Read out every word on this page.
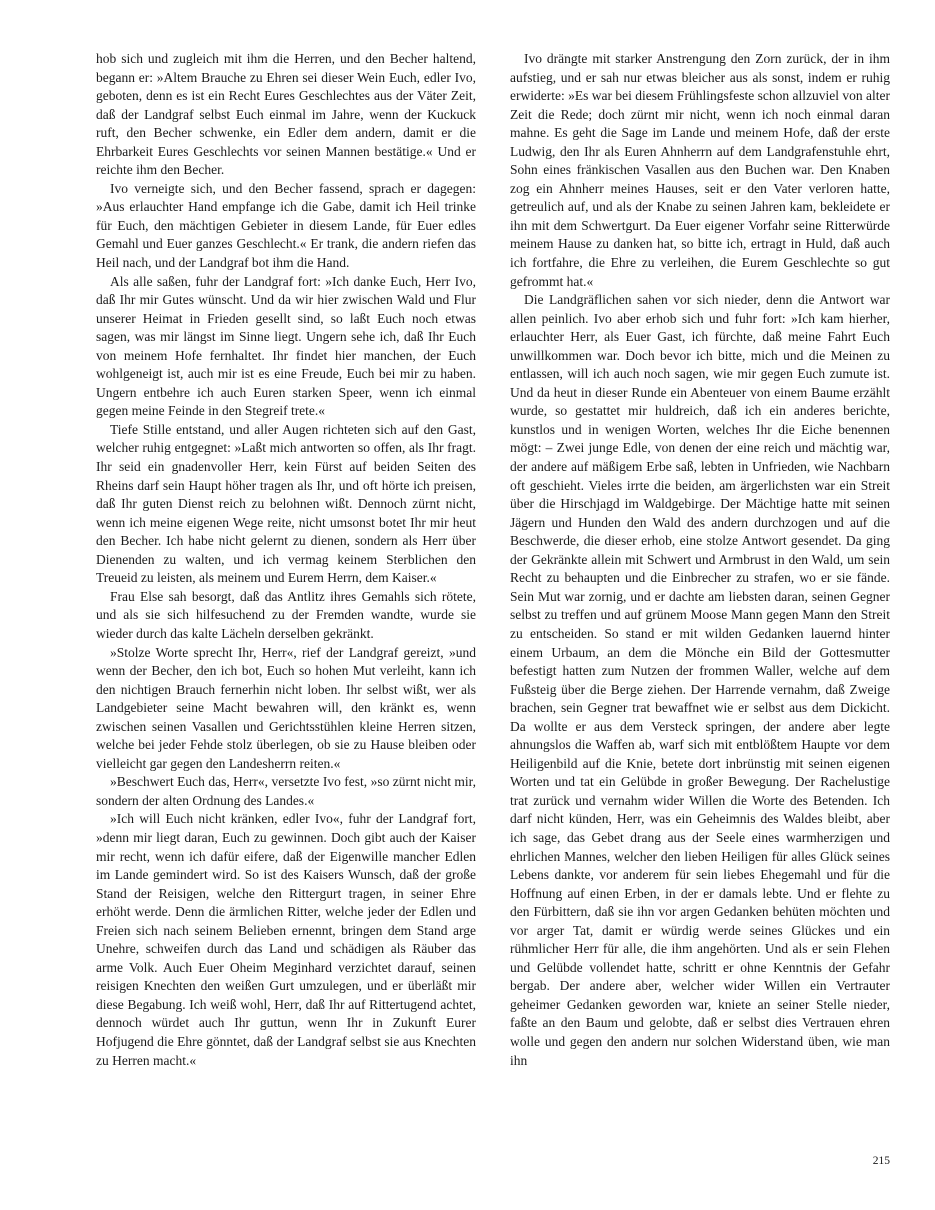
hob sich und zugleich mit ihm die Herren, und den Becher haltend, begann er: »Altem Brauche zu Ehren sei dieser Wein Euch, edler Ivo, geboten, denn es ist ein Recht Eures Geschlechtes aus der Väter Zeit, daß der Landgraf selbst Euch einmal im Jahre, wenn der Kuckuck ruft, den Becher schwenke, ein Edler dem andern, damit er die Ehrbarkeit Eures Geschlechts vor seinen Mannen bestätige.« Und er reichte ihm den Becher.

Ivo verneigte sich, und den Becher fassend, sprach er dagegen: »Aus erlauchter Hand empfange ich die Gabe, damit ich Heil trinke für Euch, den mächtigen Gebieter in diesem Lande, für Euer edles Gemahl und Euer ganzes Geschlecht.« Er trank, die andern riefen das Heil nach, und der Landgraf bot ihm die Hand.

Als alle saßen, fuhr der Landgraf fort: »Ich danke Euch, Herr Ivo, daß Ihr mir Gutes wünscht. Und da wir hier zwischen Wald und Flur unserer Heimat in Frieden gesellt sind, so laßt Euch noch etwas sagen, was mir längst im Sinne liegt. Ungern sehe ich, daß Ihr Euch von meinem Hofe fernhaltet. Ihr findet hier manchen, der Euch wohlgeneigt ist, auch mir ist es eine Freude, Euch bei mir zu haben. Ungern entbehre ich auch Euren starken Speer, wenn ich einmal gegen meine Feinde in den Stegreif trete.«

Tiefe Stille entstand, und aller Augen richteten sich auf den Gast, welcher ruhig entgegnet: »Laßt mich antworten so offen, als Ihr fragt. Ihr seid ein gnadenvoller Herr, kein Fürst auf beiden Seiten des Rheins darf sein Haupt höher tragen als Ihr, und oft hörte ich preisen, daß Ihr guten Dienst reich zu belohnen wißt. Dennoch zürnt nicht, wenn ich meine eigenen Wege reite, nicht umsonst botet Ihr mir heut den Becher. Ich habe nicht gelernt zu dienen, sondern als Herr über Dienenden zu walten, und ich vermag keinem Sterblichen den Treueid zu leisten, als meinem und Eurem Herrn, dem Kaiser.«

Frau Else sah besorgt, daß das Antlitz ihres Gemahls sich rötete, und als sie sich hilfesuchend zu der Fremden wandte, wurde sie wieder durch das kalte Lächeln derselben gekränkt.

»Stolze Worte sprecht Ihr, Herr«, rief der Landgraf gereizt, »und wenn der Becher, den ich bot, Euch so hohen Mut verleiht, kann ich den nichtigen Brauch fernerhin nicht loben. Ihr selbst wißt, wer als Landgebieter seine Macht bewahren will, den kränkt es, wenn zwischen seinen Vasallen und Gerichtsstühlen kleine Herren sitzen, welche bei jeder Fehde stolz überlegen, ob sie zu Hause bleiben oder vielleicht gar gegen den Landesherrn reiten.«

»Beschwert Euch das, Herr«, versetzte Ivo fest, »so zürnt nicht mir, sondern der alten Ordnung des Landes.«

»Ich will Euch nicht kränken, edler Ivo«, fuhr der Landgraf fort, »denn mir liegt daran, Euch zu gewinnen. Doch gibt auch der Kaiser mir recht, wenn ich dafür eifere, daß der Eigenwille mancher Edlen im Lande gemindert wird. So ist des Kaisers Wunsch, daß der große Stand der Reisigen, welche den Rittergurt tragen, in seiner Ehre erhöht werde. Denn die ärmlichen Ritter, welche jeder der Edlen und Freien sich nach seinem Belieben ernennt, bringen dem Stand arge Unehre, schweifen durch das Land und schädigen als Räuber das arme Volk. Auch Euer Oheim Meginhard verzichtet darauf, seinen reisigen Knechten den weißen Gurt umzulegen, und er überläßt mir diese Begabung. Ich weiß wohl, Herr, daß Ihr auf Rittertugend achtet, dennoch würdet auch Ihr guttun, wenn Ihr in Zukunft Eurer Hofjugend die Ehre gönntet, daß der Landgraf selbst sie aus Knechten zu Herren macht.«

Ivo drängte mit starker Anstrengung den Zorn zurück, der in ihm aufstieg, und er sah nur etwas bleicher aus als sonst, indem er ruhig erwiderte: »Es war bei diesem Frühlingsfeste schon allzuviel von alter Zeit die Rede; doch zürnt mir nicht, wenn ich noch einmal daran mahne. Es geht die Sage im Lande und meinem Hofe, daß der erste Ludwig, den Ihr als Euren Ahnherrn auf dem Landgrafenstuhle ehrt, Sohn eines fränkischen Vasallen aus den Buchen war. Den Knaben zog ein Ahnherr meines Hauses, seit er den Vater verloren hatte, getreulich auf, und als der Knabe zu seinen Jahren kam, bekleidete er ihn mit dem Schwertgurt. Da Euer eigener Vorfahr seine Ritterwürde meinem Hause zu danken hat, so bitte ich, ertragt in Huld, daß auch ich fortfahre, die Ehre zu verleihen, die Eurem Geschlechte so gut gefrommt hat.«

Die Landgräflichen sahen vor sich nieder, denn die Antwort war allen peinlich. Ivo aber erhob sich und fuhr fort: »Ich kam hierher, erlauchter Herr, als Euer Gast, ich fürchte, daß meine Fahrt Euch unwillkommen war. Doch bevor ich bitte, mich und die Meinen zu entlassen, will ich auch noch sagen, wie mir gegen Euch zumute ist. Und da heut in dieser Runde ein Abenteuer von einem Baume erzählt wurde, so gestattet mir huldreich, daß ich ein anderes berichte, kunstlos und in wenigen Worten, welches Ihr die Eiche benennen mögt: – Zwei junge Edle, von denen der eine reich und mächtig war, der andere auf mäßigem Erbe saß, lebten in Unfrieden, wie Nachbarn oft geschieht. Vieles irrte die beiden, am ärgerlichsten war ein Streit über die Hirschjagd im Waldgebirge. Der Mächtige hatte mit seinen Jägern und Hunden den Wald des andern durchzogen und auf die Beschwerde, die dieser erhob, eine stolze Antwort gesendet. Da ging der Gekränkte allein mit Schwert und Armbrust in den Wald, um sein Recht zu behaupten und die Einbrecher zu strafen, wo er sie fände. Sein Mut war zornig, und er dachte am liebsten daran, seinen Gegner selbst zu treffen und auf grünem Moose Mann gegen Mann den Streit zu entscheiden. So stand er mit wilden Gedanken lauernd hinter einem Urbaum, an dem die Mönche ein Bild der Gottesmutter befestigt hatten zum Nutzen der frommen Waller, welche auf dem Fußsteig über die Berge ziehen. Der Harrende vernahm, daß Zweige brachen, sein Gegner trat bewaffnet wie er selbst aus dem Dickicht. Da wollte er aus dem Versteck springen, der andere aber legte ahnungslos die Waffen ab, warf sich mit entblößtem Haupte vor dem Heiligenbild auf die Knie, betete dort inbrünstig mit seinen eigenen Worten und tat ein Gelübde in großer Bewegung. Der Rachelustige trat zurück und vernahm wider Willen die Worte des Betenden. Ich darf nicht künden, Herr, was ein Geheimnis des Waldes bleibt, aber ich sage, das Gebet drang aus der Seele eines warmherzigen und ehrlichen Mannes, welcher den lieben Heiligen für alles Glück seines Lebens dankte, vor anderem für sein liebes Ehegemahl und für die Hoffnung auf einen Erben, in der er damals lebte. Und er flehte zu den Fürbittern, daß sie ihn vor argen Gedanken behüten möchten und vor arger Tat, damit er würdig werde seines Glückes und ein rühmlicher Herr für alle, die ihm angehörten. Und als er sein Flehen und Gelübde vollendet hatte, schritt er ohne Kenntnis der Gefahr bergab. Der andere aber, welcher wider Willen ein Vertrauter geheimer Gedanken geworden war, kniete an seiner Stelle nieder, faßte an den Baum und gelobte, daß er selbst dies Vertrauen ehren wolle und gegen den andern nur solchen Widerstand üben, wie man ihn

215
